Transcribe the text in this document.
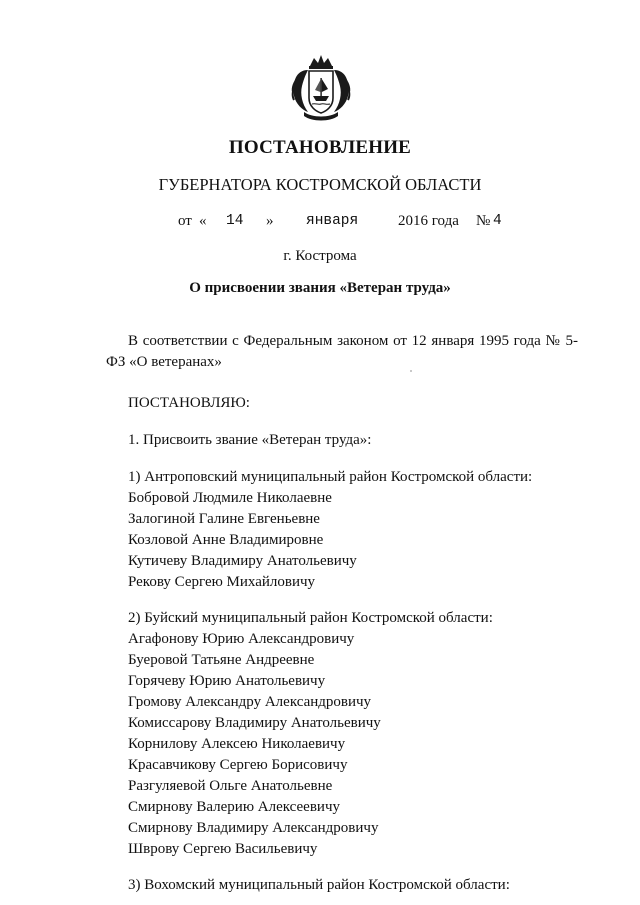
ПОСТАНОВЛЕНИЕ
ГУБЕРНАТОРА КОСТРОМСКОЙ ОБЛАСТИ
от « 14 » января	2016 года № 4
г. Кострома
О присвоении звания «Ветеран труда»

В соответствии с Федеральным законом от 12 января 1995 года № 5-ФЗ «О ветеранах»

ПОСТАНОВЛЯЮ:

1. Присвоить звание «Ветеран труда»:

1) Антроповский муниципальный район Костромской области:

Бобровой Людмиле Николаевне

Залогиной Галине Евгеньевне

Козловой Анне Владимировне

Кутичеву Владимиру Анатольевичу

Рекову Сергею Михайловичу

2) Буйский муниципальный район Костромской области:

Агафонову Юрию Александровичу

Буеровой Татьяне Андреевне

Горячеву Юрию Анатольевичу

Громову Александру Александровичу

Комиссарову Владимиру Анатольевичу

Корнилову Алексею Николаевичу

Красавчикову Сергею Борисовичу

Разгуляевой Ольге Анатольевне

Смирнову Валерию Алексеевичу

Смирнову Владимиру Александровичу

Шврову Сергею Васильевичу

3) Вохомский муниципальный район Костромской области:
